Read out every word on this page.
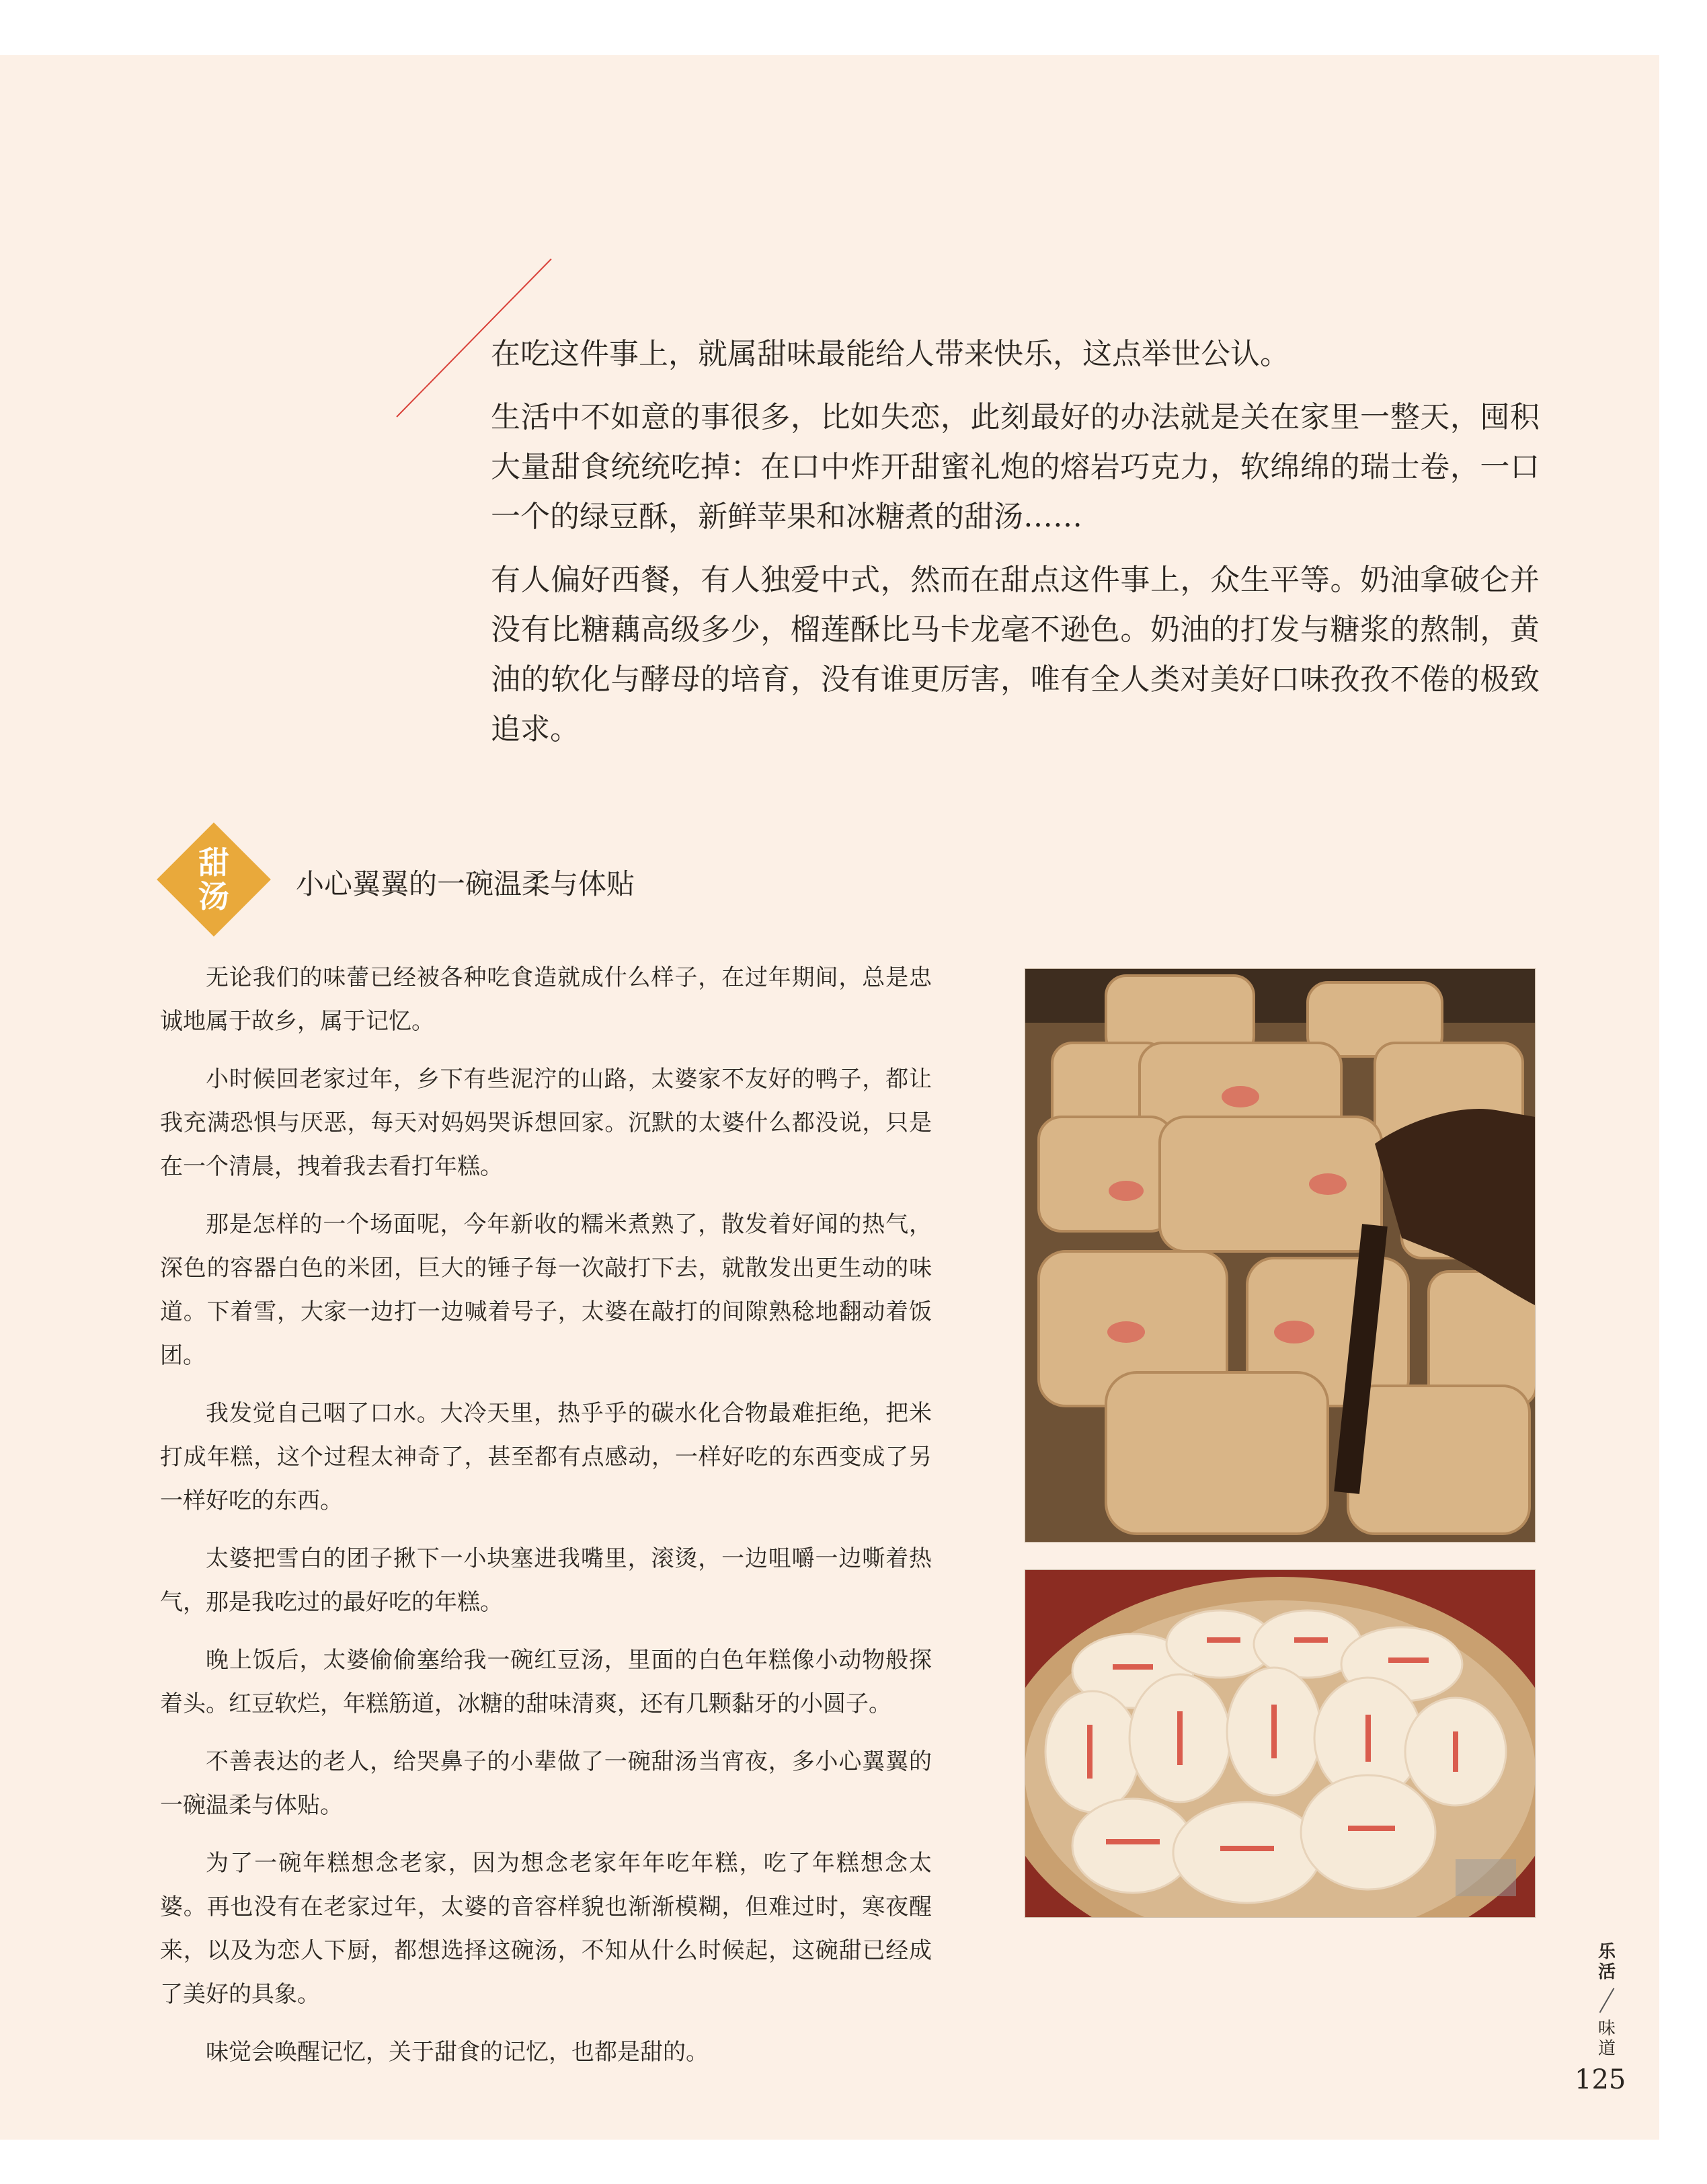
在吃这件事上，就属甜味最能给人带来快乐，这点举世公认。

生活中不如意的事很多，比如失恋，此刻最好的办法就是关在家里一整天，囤积大量甜食统统吃掉：在口中炸开甜蜜礼炮的熔岩巧克力，软绵绵的瑞士卷，一口一个的绿豆酥，新鲜苹果和冰糖煮的甜汤……

有人偏好西餐，有人独爱中式，然而在甜点这件事上，众生平等。奶油拿破仑并没有比糖藕高级多少，榴莲酥比马卡龙毫不逊色。奶油的打发与糖浆的熬制，黄油的软化与酵母的培育，没有谁更厉害，唯有全人类对美好口味孜孜不倦的极致追求。

甜
汤 小心翼翼的一碗温柔与体贴

无论我们的味蕾已经被各种吃食造就成什么样子，在过年期间，总是忠诚地属于故乡，属于记忆。

小时候回老家过年，乡下有些泥泞的山路，太婆家不友好的鸭子，都让我充满恐惧与厌恶，每天对妈妈哭诉想回家。沉默的太婆什么都没说，只是在一个清晨，拽着我去看打年糕。

那是怎样的一个场面呢，今年新收的糯米煮熟了，散发着好闻的热气，深色的容器白色的米团，巨大的锤子每一次敲打下去，就散发出更生动的味道。下着雪，大家一边打一边喊着号子，太婆在敲打的间隙熟稔地翻动着饭团。

我发觉自己咽了口水。大冷天里，热乎乎的碳水化合物最难拒绝，把米打成年糕，这个过程太神奇了，甚至都有点感动，一样好吃的东西变成了另一样好吃的东西。

太婆把雪白的团子揪下一小块塞进我嘴里，滚烫，一边咀嚼一边嘶着热气，那是我吃过的最好吃的年糕。

晚上饭后，太婆偷偷塞给我一碗红豆汤，里面的白色年糕像小动物般探着头。红豆软烂，年糕筋道，冰糖的甜味清爽，还有几颗黏牙的小圆子。

不善表达的老人，给哭鼻子的小辈做了一碗甜汤当宵夜，多小心翼翼的一碗温柔与体贴。

为了一碗年糕想念老家，因为想念老家年年吃年糕，吃了年糕想念太婆。再也没有在老家过年，太婆的音容样貌也渐渐模糊，但难过时，寒夜醒来，以及为恋人下厨，都想选择这碗汤，不知从什么时候起，这碗甜已经成了美好的具象。

味觉会唤醒记忆，关于甜食的记忆，也都是甜的。

乐活
味道
125
